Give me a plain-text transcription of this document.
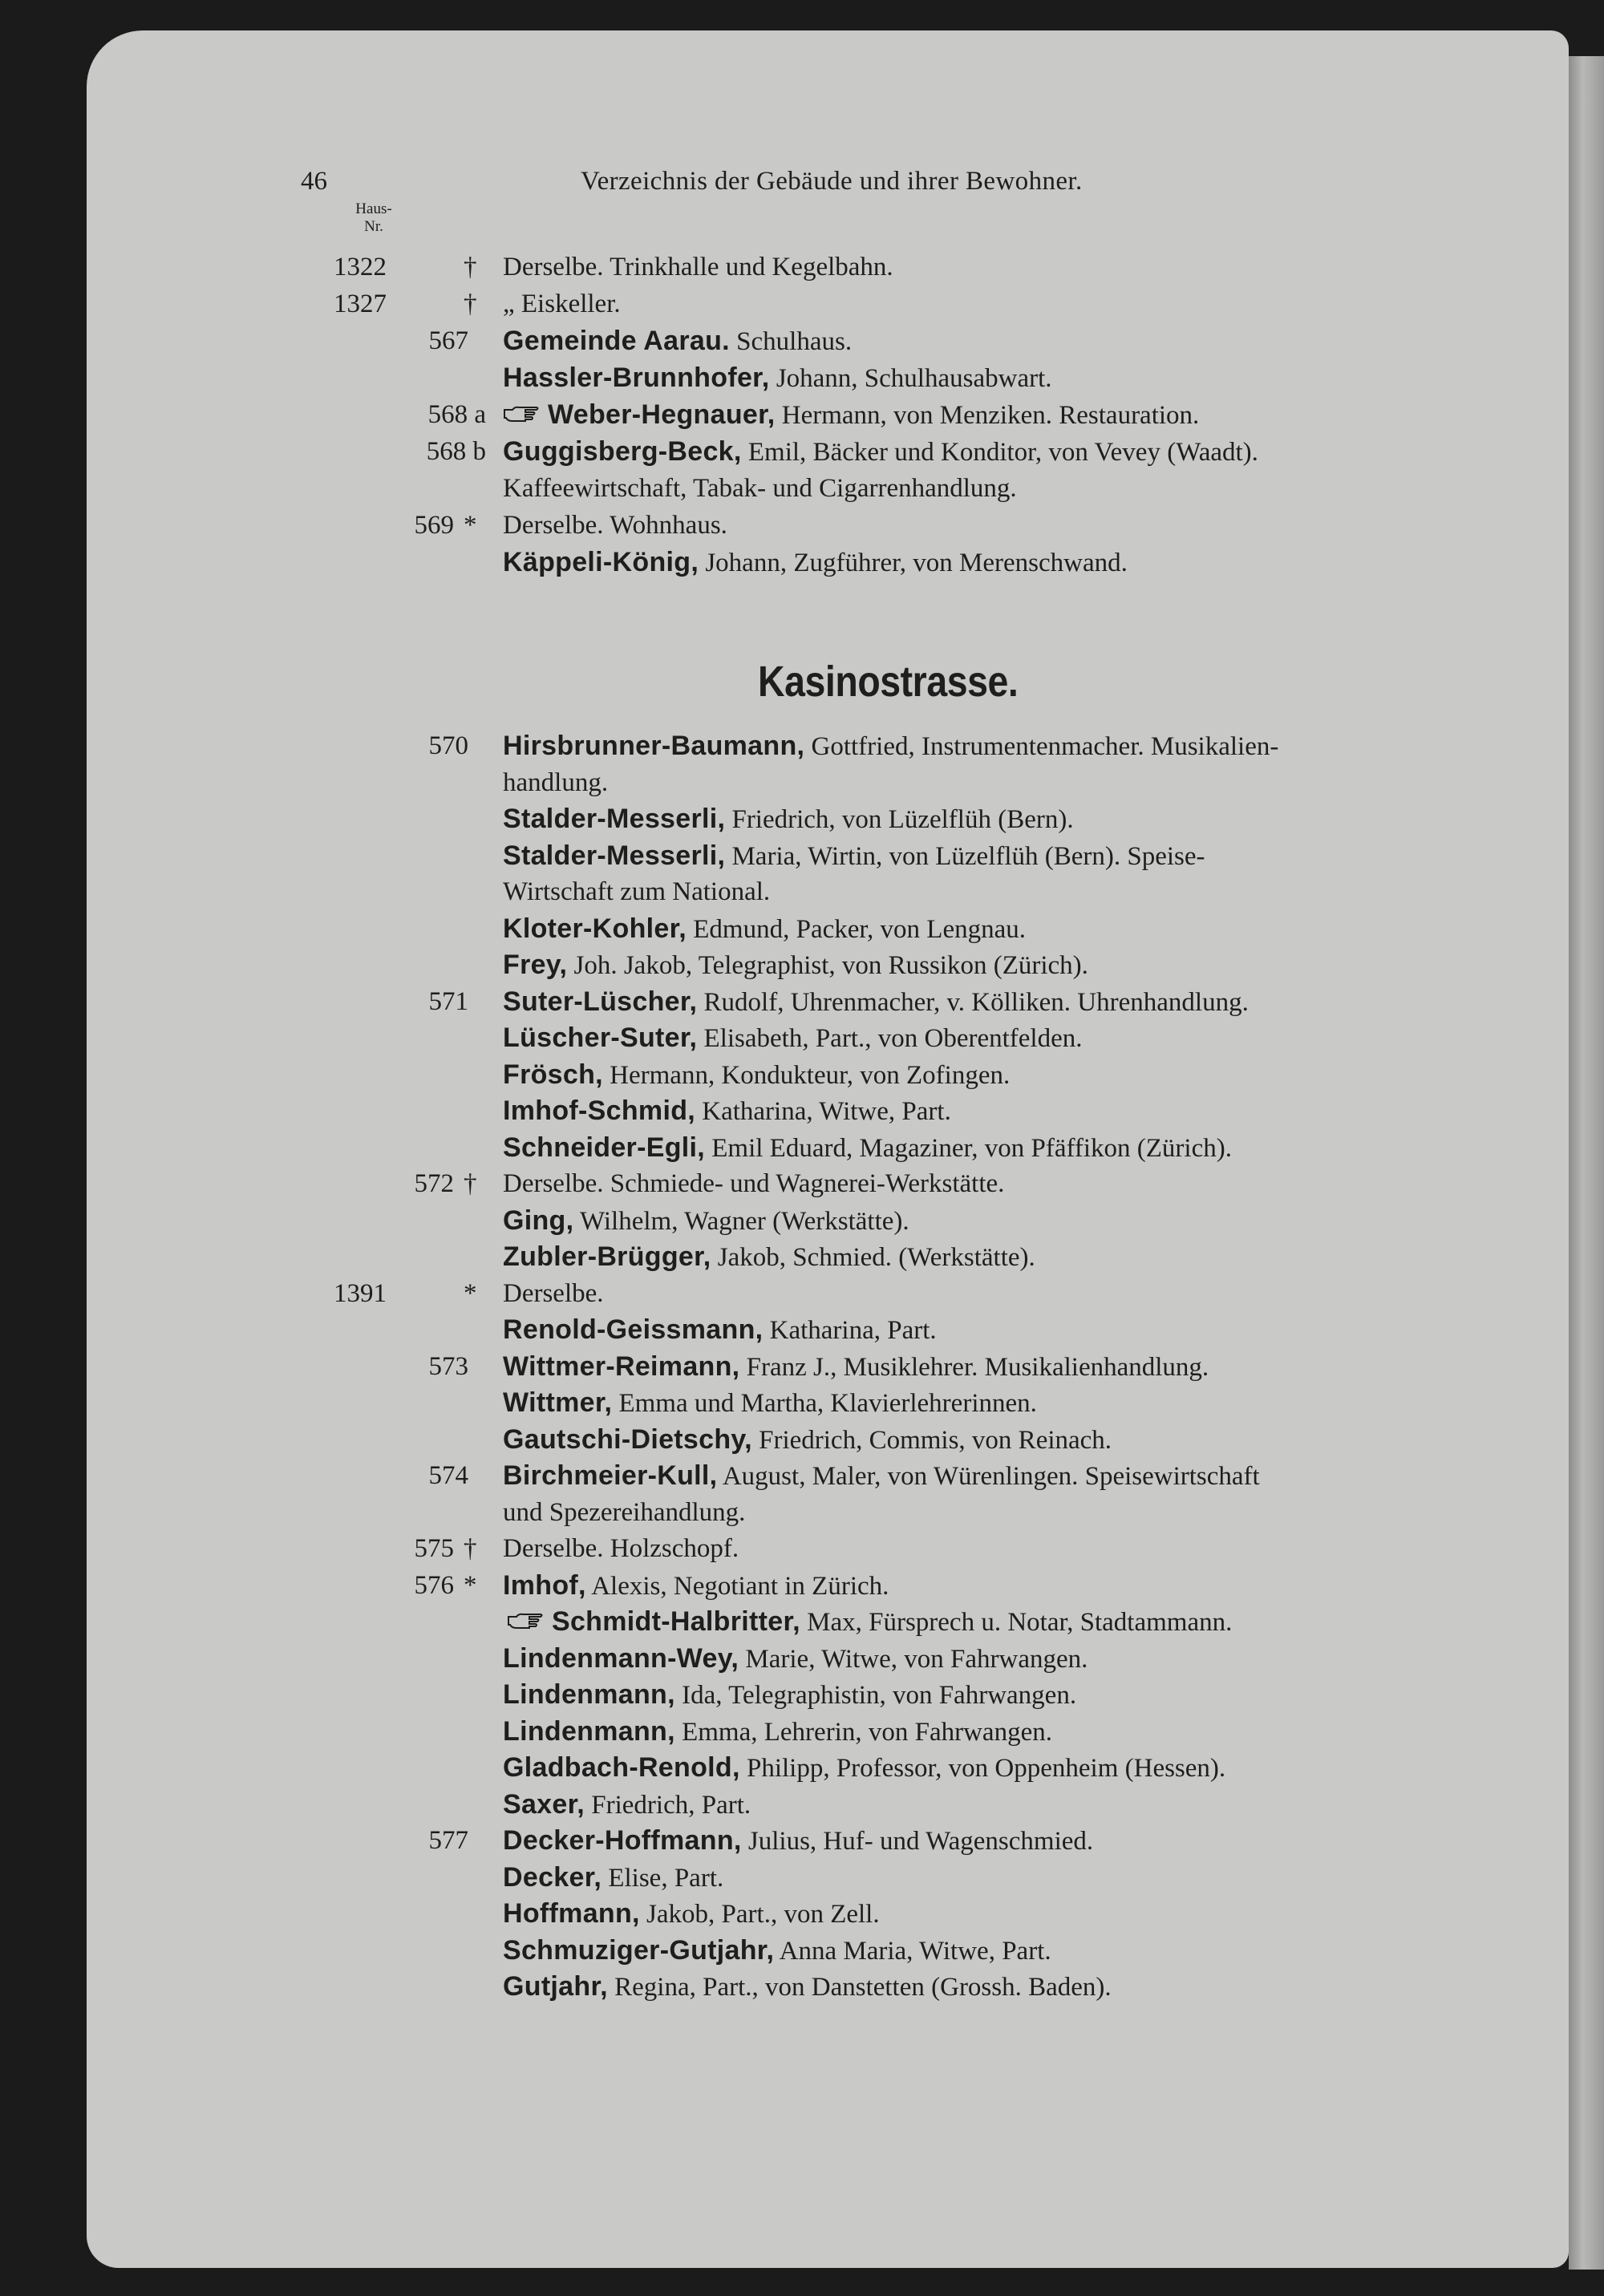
46	Verzeichnis der Gebäude und ihrer Bewohner.
Haus-
Nr.
Kasinostrasse.
1322	† Derselbe. Trinkhalle und Kegelbahn.
1327	† „ Eiskeller.
567 Gemeinde Aarau. Schulhaus.
Hassler-Brunnhofer, Johann, Schulhausabwart.
568 a	Weber-Hegnauer, Hermann, von Menziken. Restauration.
568 b Guggisberg-Beck, Emil, Bäcker und Konditor, von Vevey (Waadt).
Kaffeewirtschaft, Tabak- und Cigarrenhandlung.
569 * Derselbe. Wohnhaus.
Käppeli-König, Johann, Zugführer, von Merenschwand.
570 Hirsbrunner-Baumann, Gottfried, Instrumentenmacher. Musikalien-
handlung.
Stalder-Messerli, Friedrich, von Lüzelflüh (Bern).
Stalder-Messerli, Maria, Wirtin, von Lüzelflüh (Bern). Speise-
Wirtschaft zum National.
Kloter-Kohler, Edmund, Packer, von Lengnau.
Frey, Joh. Jakob, Telegraphist, von Russikon (Zürich).
571 Suter-Lüscher, Rudolf, Uhrenmacher, v. Kölliken. Uhrenhandlung.
Lüscher-Suter, Elisabeth, Part., von Oberentfelden.
Frösch, Hermann, Kondukteur, von Zofingen.
Imhof-Schmid, Katharina, Witwe, Part.
Schneider-Egli, Emil Eduard, Magaziner, von Pfäffikon (Zürich).
572 † Derselbe. Schmiede- und Wagnerei-Werkstätte.
Ging, Wilhelm, Wagner (Werkstätte).
Zubler-Brügger, Jakob, Schmied. (Werkstätte).
1391	* Derselbe.
Renold-Geissmann, Katharina, Part.
573 Wittmer-Reimann, Franz J., Musiklehrer. Musikalienhandlung.
Wittmer, Emma und Martha, Klavierlehrerinnen.
Gautschi-Dietschy, Friedrich, Commis, von Reinach.
574 Birchmeier-Kull, August, Maler, von Würenlingen. Speisewirtschaft
und Spezereihandlung.
575 † Derselbe. Holzschopf.
576 * Imhof, Alexis, Negotiant in Zürich.
Schmidt-Halbritter, Max, Fürsprech u. Notar, Stadtammann.
Lindenmann-Wey, Marie, Witwe, von Fahrwangen.
Lindenmann, Ida, Telegraphistin, von Fahrwangen.
Lindenmann, Emma, Lehrerin, von Fahrwangen.
Gladbach-Renold, Philipp, Professor, von Oppenheim (Hessen).
Saxer, Friedrich, Part.
577 Decker-Hoffmann, Julius, Huf- und Wagenschmied.
Decker, Elise, Part.
Hoffmann, Jakob, Part., von Zell.
Schmuziger-Gutjahr, Anna Maria, Witwe, Part.
Gutjahr, Regina, Part., von Danstetten (Grossh. Baden).
